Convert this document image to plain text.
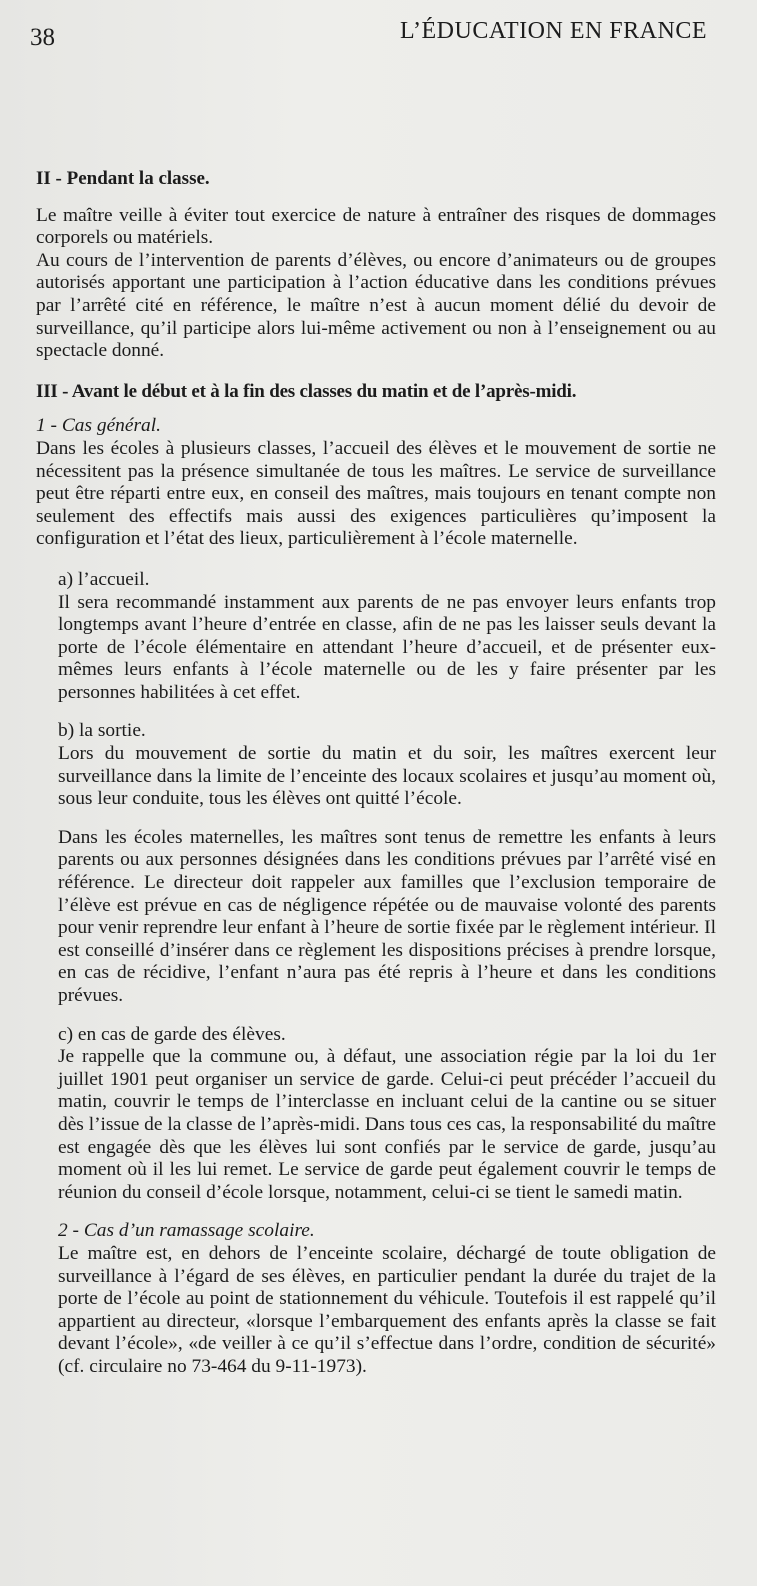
38	L’ÉDUCATION EN FRANCE
II - Pendant la classe.

Le maître veille à éviter tout exercice de nature à entraîner des risques de dommages corporels ou matériels.

Au cours de l’intervention de parents d’élèves, ou encore d’animateurs ou de groupes autorisés apportant une participation à l’action éducative dans les conditions prévues par l’arrêté cité en référence, le maître n’est à aucun moment délié du devoir de surveillance, qu’il participe alors lui-même activement ou non à l’enseignement ou au spectacle donné.

III - Avant le début et à la fin des classes du matin et de l’après-midi.
1 - Cas général.

Dans les écoles à plusieurs classes, l’accueil des élèves et le mouvement de sortie ne nécessitent pas la présence simultanée de tous les maîtres. Le service de surveillance peut être réparti entre eux, en conseil des maîtres, mais toujours en tenant compte non seulement des effectifs mais aussi des exigences particulières qu’imposent la configuration et l’état des lieux, particulièrement à l’école maternelle.

a) l’accueil.

Il sera recommandé instamment aux parents de ne pas envoyer leurs enfants trop longtemps avant l’heure d’entrée en classe, afin de ne pas les laisser seuls devant la porte de l’école élémentaire en attendant l’heure d’accueil, et de présenter eux-mêmes leurs enfants à l’école maternelle ou de les y faire présenter par les personnes habilitées à cet effet.

b) la sortie.

Lors du mouvement de sortie du matin et du soir, les maîtres exercent leur surveillance dans la limite de l’enceinte des locaux scolaires et jusqu’au moment où, sous leur conduite, tous les élèves ont quitté l’école.

Dans les écoles maternelles, les maîtres sont tenus de remettre les enfants à leurs parents ou aux personnes désignées dans les conditions prévues par l’arrêté visé en référence. Le directeur doit rappeler aux familles que l’exclusion temporaire de l’élève est prévue en cas de négligence répétée ou de mauvaise volonté des parents pour venir reprendre leur enfant à l’heure de sortie fixée par le règlement intérieur. Il est conseillé d’insérer dans ce règlement les dispositions précises à prendre lorsque, en cas de récidive, l’enfant n’aura pas été repris à l’heure et dans les conditions prévues.

c) en cas de garde des élèves.

Je rappelle que la commune ou, à défaut, une association régie par la loi du 1er juillet 1901 peut organiser un service de garde. Celui-ci peut précéder l’accueil du matin, couvrir le temps de l’interclasse en incluant celui de la cantine ou se situer dès l’issue de la classe de l’après-midi. Dans tous ces cas, la responsabilité du maître est engagée dès que les élèves lui sont confiés par le service de garde, jusqu’au moment où il les lui remet. Le service de garde peut également couvrir le temps de réunion du conseil d’école lorsque, notamment, celui-ci se tient le samedi matin.

2 - Cas d’un ramassage scolaire.

Le maître est, en dehors de l’enceinte scolaire, déchargé de toute obligation de surveillance à l’égard de ses élèves, en particulier pendant la durée du trajet de la porte de l’école au point de stationnement du véhicule. Toutefois il est rappelé qu’il appartient au directeur, «lorsque l’embarquement des enfants après la classe se fait devant l’école», «de veiller à ce qu’il s’effectue dans l’ordre, condition de sécurité» (cf. circulaire no 73-464 du 9-11-1973).
